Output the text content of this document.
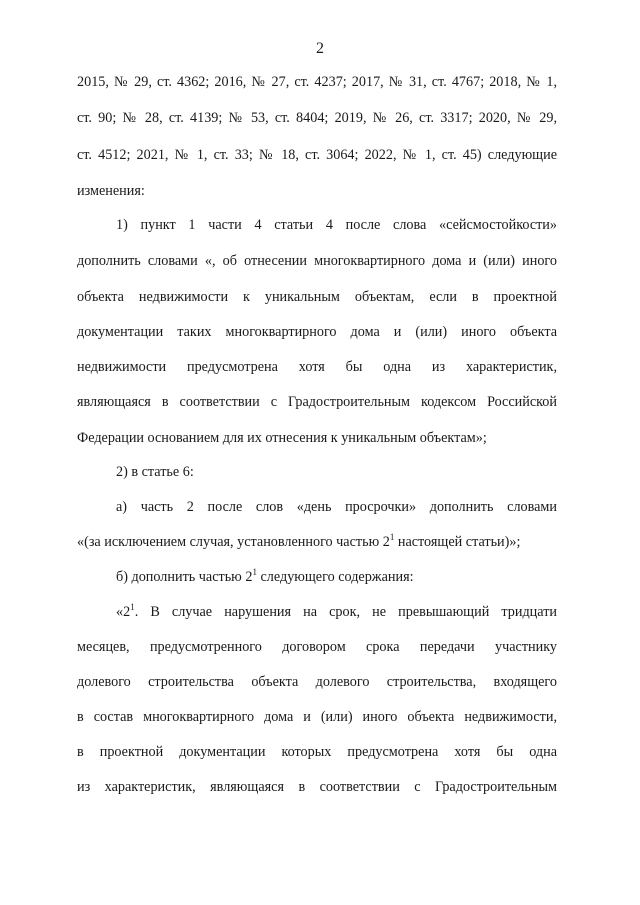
2
2015, № 29, ст. 4362; 2016, № 27, ст. 4237; 2017, № 31, ст. 4767; 2018, № 1,
ст. 90; № 28, ст. 4139; № 53, ст. 8404; 2019, № 26, ст. 3317; 2020, № 29,
ст. 4512; 2021, № 1, ст. 33; № 18, ст. 3064; 2022, № 1, ст. 45) следующие
изменения:
1) пункт 1 части 4 статьи 4 после слова «сейсмостойкости»
дополнить словами «, об отнесении многоквартирного дома и (или) иного
объекта недвижимости к уникальным объектам, если в проектной
документации таких многоквартирного дома и (или) иного объекта
недвижимости предусмотрена хотя бы одна из характеристик,
являющаяся в соответствии с Градостроительным кодексом Российской
Федерации основанием для их отнесения к уникальным объектам»;
2) в статье 6:
а) часть 2 после слов «день просрочки» дополнить словами
«(за исключением случая, установленного частью $2^1$ настоящей статьи)»;
б) дополнить частью $2^1$ следующего содержания:
«$2^1$. В случае нарушения на срок, не превышающий тридцати
месяцев, предусмотренного договором срока передачи участнику
долевого строительства объекта долевого строительства, входящего
в состав многоквартирного дома и (или) иного объекта недвижимости,
в проектной документации которых предусмотрена хотя бы одна
из характеристик, являющаяся в соответствии с Градостроительным
